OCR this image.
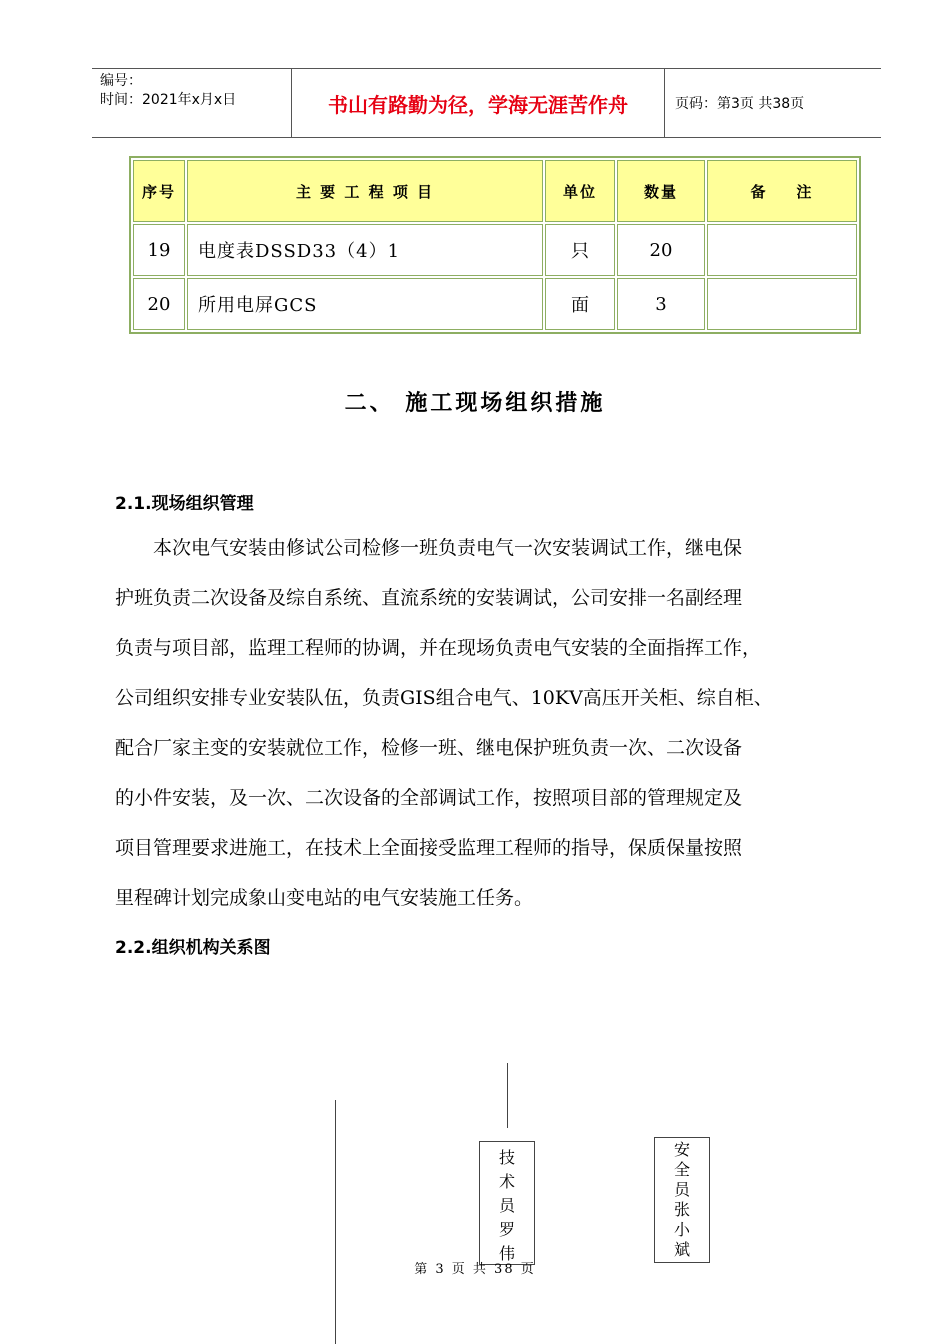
编号：
时间：2021年x月x日	书山有路勤为径，学海无涯苦作舟	页码：第3页 共38页
序号	主 要 工 程 项 目	单位	数量	备    注
19	电度表DSSD33（4）1	只	20	
20	所用电屏GCS	面	3	
二、 施工现场组织措施
2.1.现场组织管理
本次电气安装由修试公司检修一班负责电气一次安装调试工作，继电保
护班负责二次设备及综自系统、直流系统的安装调试，公司安排一名副经理
负责与项目部，监理工程师的协调，并在现场负责电气安装的全面指挥工作，
公司组织安排专业安装队伍，负责GIS组合电气、10KV高压开关柜、综自柜、
配合厂家主变的安装就位工作，检修一班、继电保护班负责一次、二次设备
的小件安装，及一次、二次设备的全部调试工作，按照项目部的管理规定及
项目管理要求进施工，在技术上全面接受监理工程师的指导，保质保量按照
里程碑计划完成象山变电站的电气安装施工任务。
2.2.组织机构关系图
技
术
员
罗
伟
安
全
员
张
小
斌
第 3 页 共 38 页
